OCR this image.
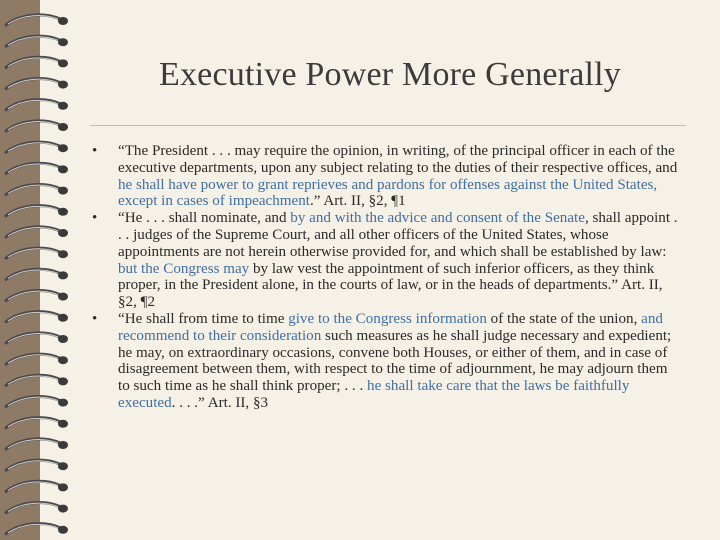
Executive Power More Generally
• “The President . . . may require the opinion, in writing, of the principal officer in each of the executive departments, upon any subject relating to the duties of their respective offices, and he shall have power to grant reprieves and pardons for offenses against the United States, except in cases of impeachment.” Art. II, §2, ¶1
• “He . . . shall nominate, and by and with the advice and consent of the Senate, shall appoint . . . judges of the Supreme Court, and all other officers of the United States, whose appointments are not herein otherwise provided for, and which shall be established by law: but the Congress may by law vest the appointment of such inferior officers, as they think proper, in the President alone, in the courts of law, or in the heads of departments.” Art. II, §2, ¶2
• “He shall from time to time give to the Congress information of the state of the union, and recommend to their consideration such measures as he shall judge necessary and expedient; he may, on extraordinary occasions, convene both Houses, or either of them, and in case of disagreement between them, with respect to the time of adjournment, he may adjourn them to such time as he shall think proper; . . . he shall take care that the laws be faithfully executed. . . .” Art. II, §3
